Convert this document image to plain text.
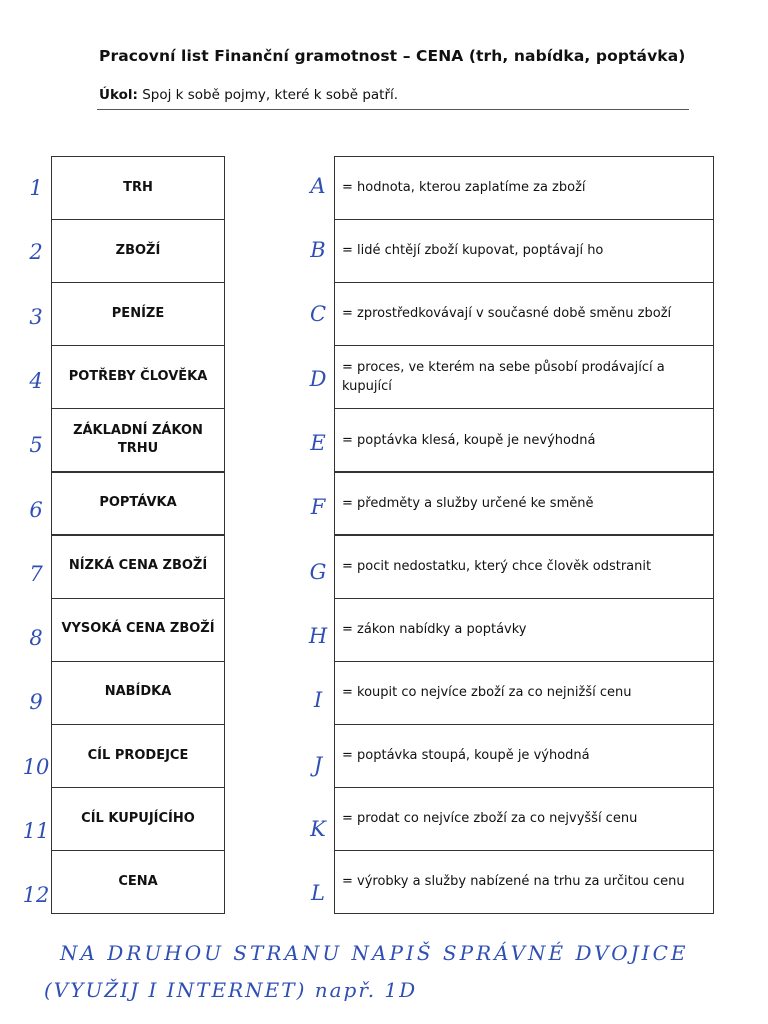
Pracovní list Finanční gramotnost – CENA (trh, nabídka, poptávka)
Úkol: Spoj k sobě pojmy, které k sobě patří.
1
2
3
4
5
6
7
8
9
10
11
12
TRH
ZBOŽÍ
PENÍZE
POTŘEBY ČLOVĚKA
ZÁKLADNÍ ZÁKON TRHU
POPTÁVKA
NÍZKÁ CENA ZBOŽÍ
VYSOKÁ CENA ZBOŽÍ
NABÍDKA
CÍL PRODEJCE
CÍL KUPUJÍCÍHO
CENA
A
B
C
D
E
F
G
H
I
J
K
L
= hodnota, kterou zaplatíme za zboží
= lidé chtějí zboží kupovat, poptávají ho
= zprostředkovávají v současné době směnu zboží
= proces, ve kterém na sebe působí prodávající a kupující
= poptávka klesá, koupě je nevýhodná
= předměty a služby určené ke směně
= pocit nedostatku, který chce člověk odstranit
= zákon nabídky a poptávky
= koupit co nejvíce zboží za co nejnižší cenu
= poptávka stoupá, koupě je výhodná
= prodat co nejvíce zboží za co nejvyšší cenu
= výrobky a služby nabízené na trhu za určitou cenu
NA DRUHOU STRANU NAPIŠ SPRÁVNÉ DVOJICE
(VYUŽIJ I INTERNET) např. 1D
